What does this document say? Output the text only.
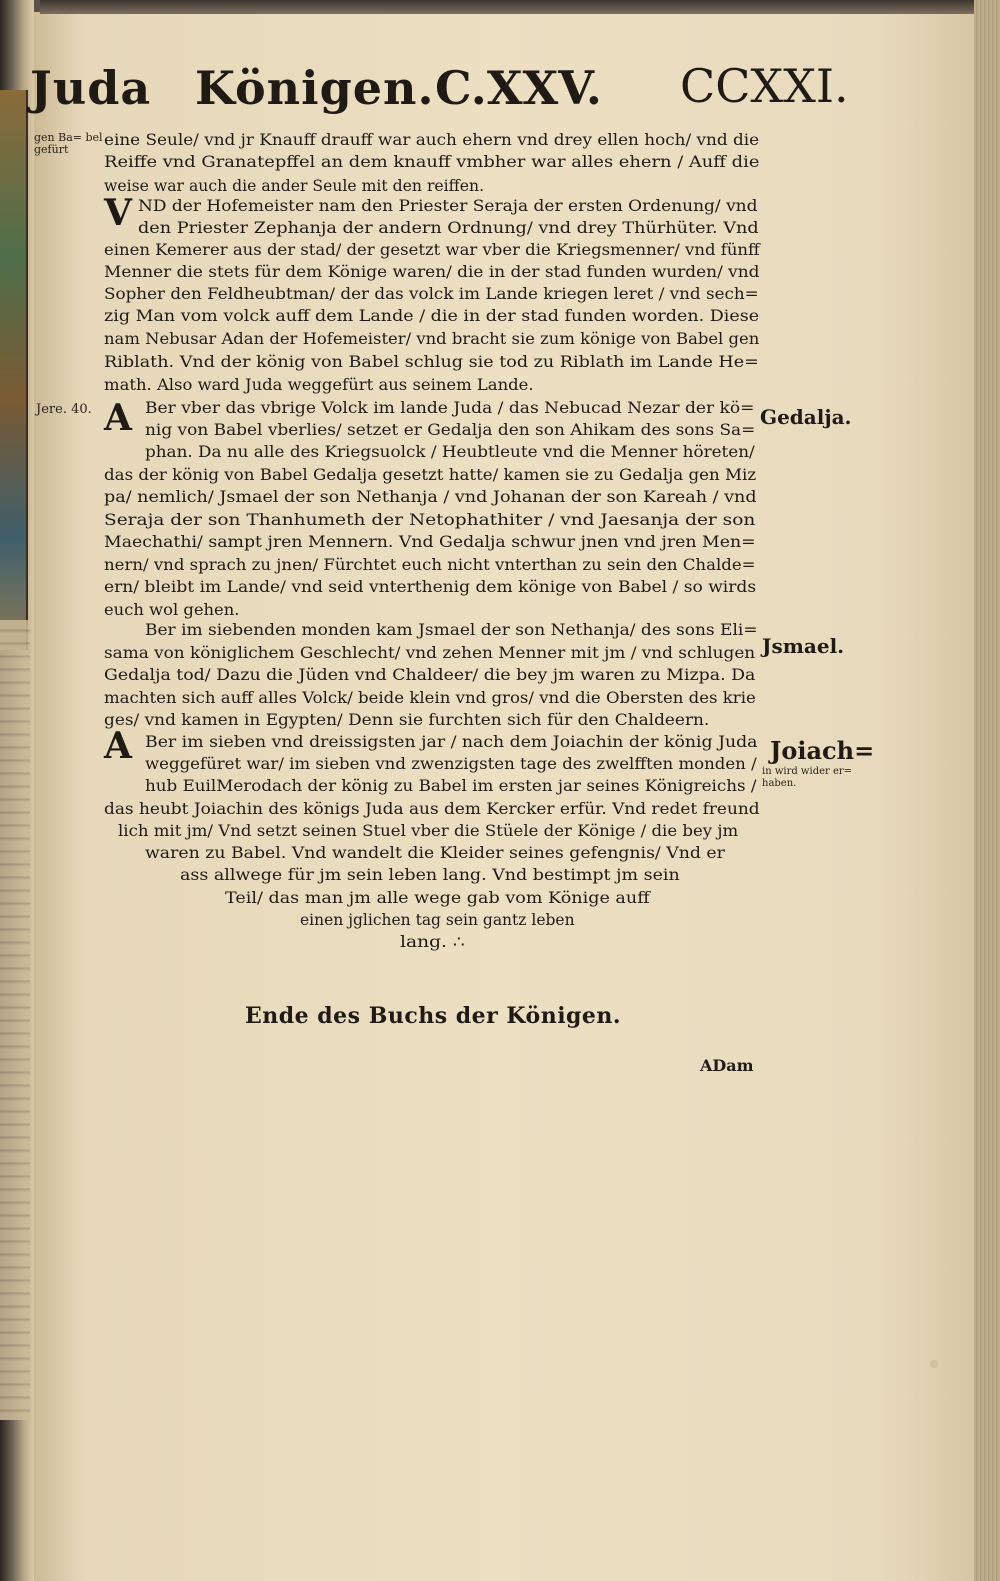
Juda Königen. C.XXV. CCXXI.
gen Ba= bel gefürt
Jere. 40.	Gedalja.
Jsmael.
Joiach=
in wird wider er= haben.
V
A
A
eine Seule/ vnd jr Knauff drauff war auch ehern vnd drey ellen hoch/ vnd die
Reiffe vnd Granatepffel an dem knauff vmbher war alles ehern / Auff die
weise war auch die ander Seule mit den reiffen.
ND der Hofemeister nam den Priester Seraja der ersten Ordenung/ vnd
den Priester Zephanja der andern Ordnung/ vnd drey Thürhüter. Vnd
einen Kemerer aus der stad/ der gesetzt war vber die Kriegsmenner/ vnd fünff
Menner die stets für dem Könige waren/ die in der stad funden wurden/ vnd
Sopher den Feldheubtman/ der das volck im Lande kriegen leret / vnd sech=
zig Man vom volck auff dem Lande / die in der stad funden worden. Diese
nam Nebusar Adan der Hofemeister/ vnd bracht sie zum könige von Babel gen
Riblath. Vnd der könig von Babel schlug sie tod zu Riblath im Lande He=
math. Also ward Juda weggefürt aus seinem Lande.
Ber vber das vbrige Volck im lande Juda / das Nebucad Nezar der kö=
nig von Babel vberlies/ setzet er Gedalja den son Ahikam des sons Sa=
phan. Da nu alle des Kriegsuolck / Heubtleute vnd die Menner höreten/
das der könig von Babel Gedalja gesetzt hatte/ kamen sie zu Gedalja gen Miz
pa/ nemlich/ Jsmael der son Nethanja / vnd Johanan der son Kareah / vnd
Seraja der son Thanhumeth der Netophathiter / vnd Jaesanja der son
Maechathi/ sampt jren Mennern. Vnd Gedalja schwur jnen vnd jren Men=
nern/ vnd sprach zu jnen/ Fürchtet euch nicht vnterthan zu sein den Chalde=
ern/ bleibt im Lande/ vnd seid vnterthenig dem könige von Babel / so wirds
euch wol gehen.
Ber im siebenden monden kam Jsmael der son Nethanja/ des sons Eli=
sama von königlichem Geschlecht/ vnd zehen Menner mit jm / vnd schlugen
Gedalja tod/ Dazu die Jüden vnd Chaldeer/ die bey jm waren zu Mizpa. Da
machten sich auff alles Volck/ beide klein vnd gros/ vnd die Obersten des krie
ges/ vnd kamen in Egypten/ Denn sie furchten sich für den Chaldeern.
Ber im sieben vnd dreissigsten jar / nach dem Joiachin der könig Juda
weggefüret war/ im sieben vnd zwenzigsten tage des zwelfften monden /
hub EuilMerodach der könig zu Babel im ersten jar seines Königreichs /
das heubt Joiachin des königs Juda aus dem Kercker erfür. Vnd redet freund
lich mit jm/ Vnd setzt seinen Stuel vber die Stüele der Könige / die bey jm
waren zu Babel. Vnd wandelt die Kleider seines gefengnis/ Vnd er
ass allwege für jm sein leben lang. Vnd bestimpt jm sein
Teil/ das man jm alle wege gab vom Könige auff
einen jglichen tag sein gantz leben
lang. ∴
Ende des Buchs der Königen.
ADam
